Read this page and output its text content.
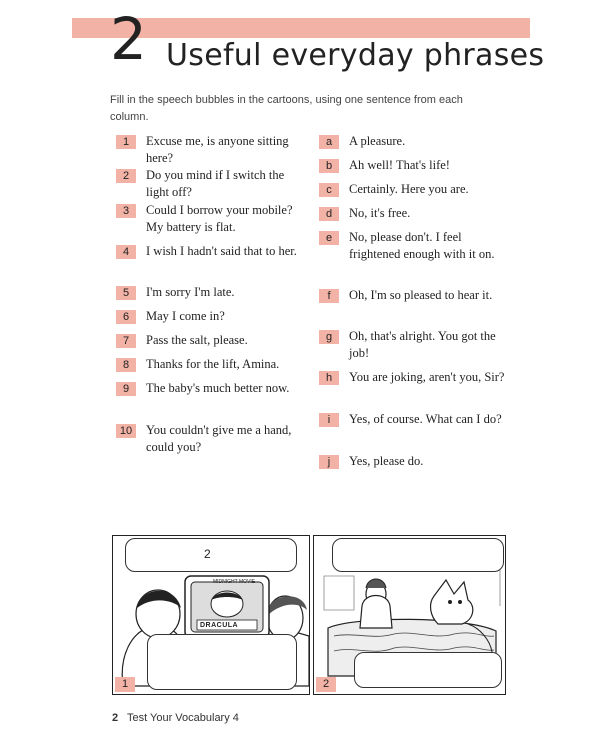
2 Useful everyday phrases
Fill in the speech bubbles in the cartoons, using one sentence from each column.
1	Excuse me, is anyone sitting here?
2	Do you mind if I switch the light off?
3	Could I borrow your mobile? My battery is flat.
4	I wish I hadn't said that to her.
5	I'm sorry I'm late.
6	May I come in?
7	Pass the salt, please.
8	Thanks for the lift, Amina.
9	The baby's much better now.
10	You couldn't give me a hand, could you?
a	A pleasure.
b	Ah well! That's life!
c	Certainly. Here you are.
d	No, it's free.
e	No, please don't. I feel frightened enough with it on.
f	Oh, I'm so pleased to hear it.
g	Oh, that's alright. You got the job!
h	You are joking, aren't you, Sir?
i	Yes, of course. What can I do?
j	Yes, please do.
2
MIDNIGHT MOVIE
DRACULA
1	2
2 Test Your Vocabulary 4
